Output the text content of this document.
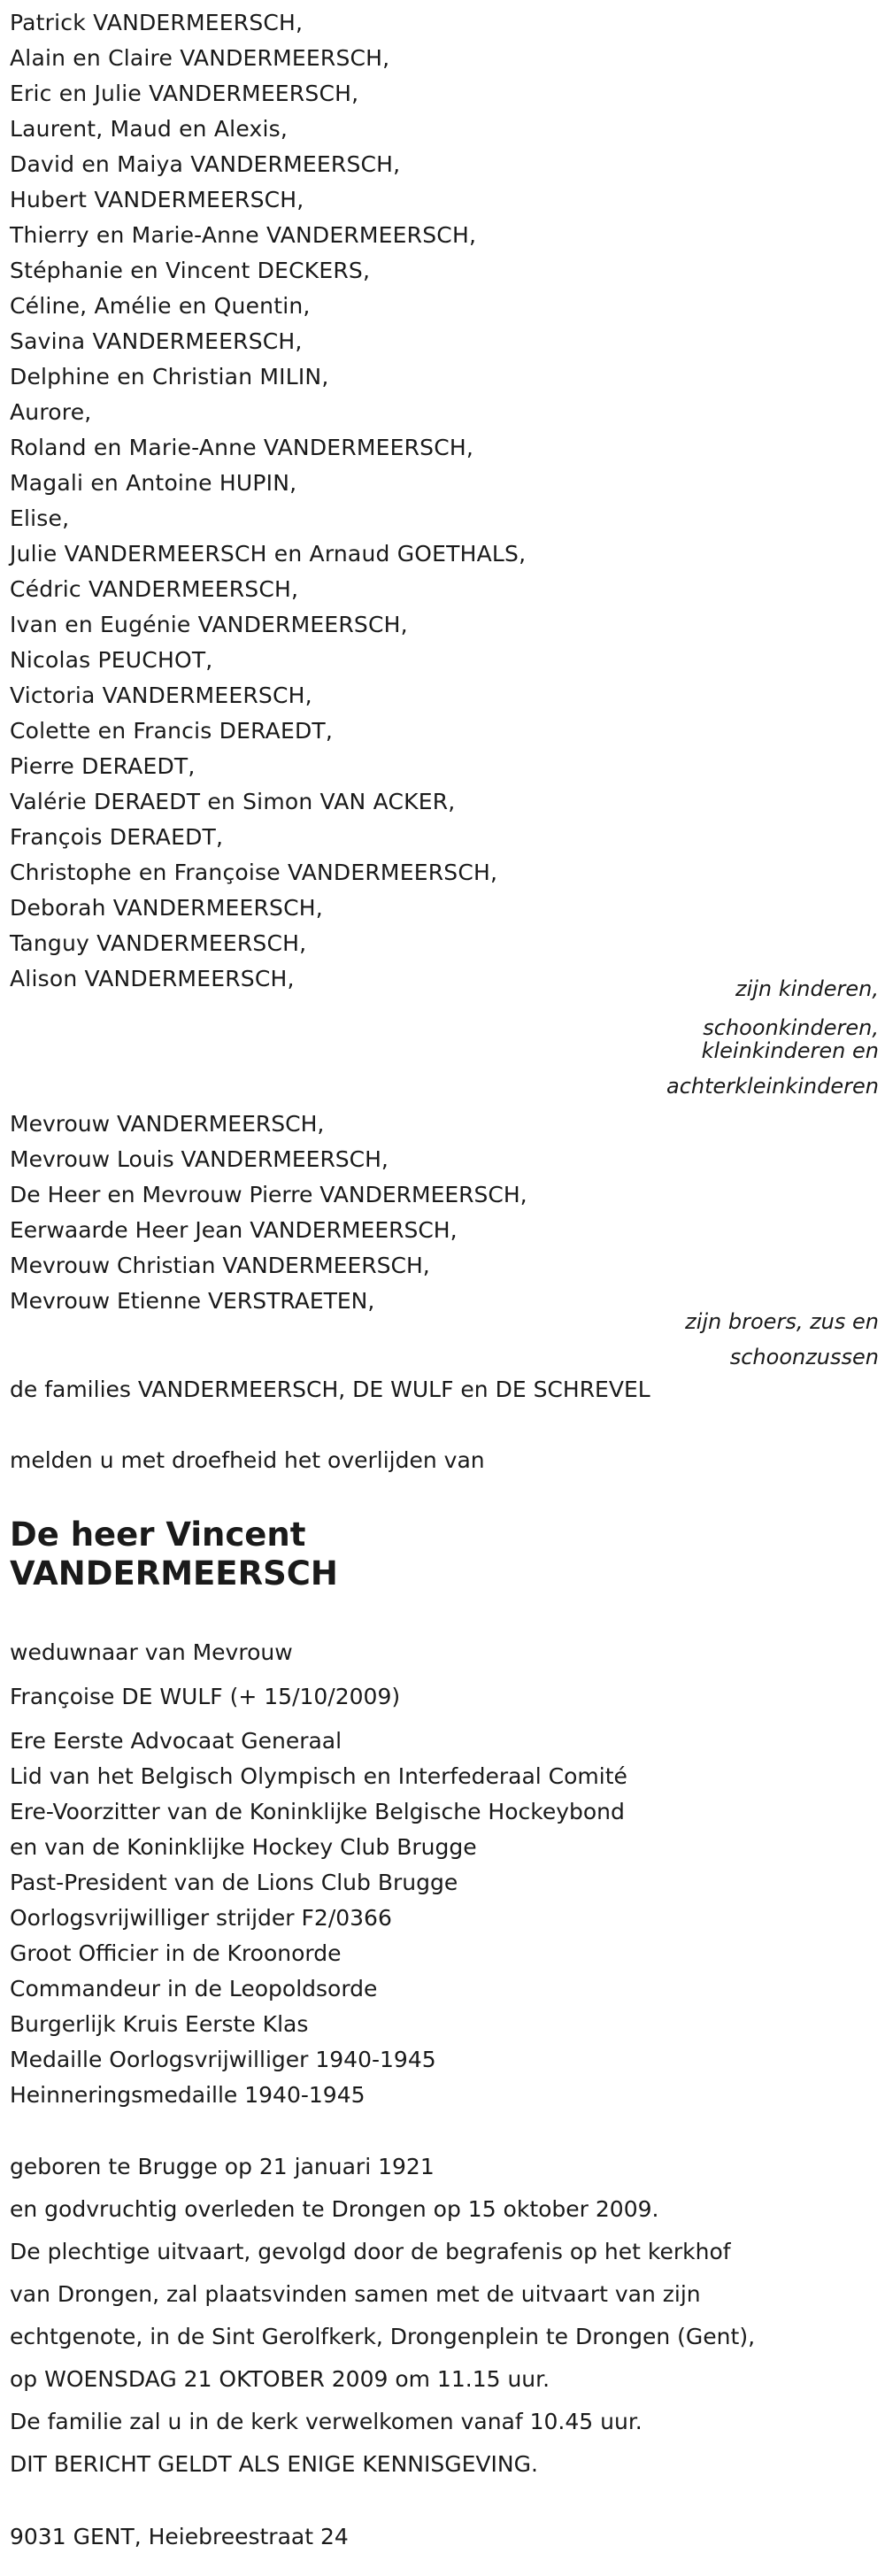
Patrick VANDERMEERSCH,
Alain en Claire VANDERMEERSCH,
Eric en Julie VANDERMEERSCH,
Laurent, Maud en Alexis,
David en Maiya VANDERMEERSCH,
Hubert VANDERMEERSCH,
Thierry en Marie-Anne VANDERMEERSCH,
Stéphanie en Vincent DECKERS,
Céline, Amélie en Quentin,
Savina VANDERMEERSCH,
Delphine en Christian MILIN,
Aurore,
Roland en Marie-Anne VANDERMEERSCH,
Magali en Antoine HUPIN,
Elise,
Julie VANDERMEERSCH en Arnaud GOETHALS,
Cédric VANDERMEERSCH,
Ivan en Eugénie VANDERMEERSCH,
Nicolas PEUCHOT,
Victoria VANDERMEERSCH,
Colette en Francis DERAEDT,
Pierre DERAEDT,
Valérie DERAEDT en Simon VAN ACKER,
François DERAEDT,
Christophe en Françoise VANDERMEERSCH,
Deborah VANDERMEERSCH,
Tanguy VANDERMEERSCH,
Alison VANDERMEERSCH,	zijn kinderen,
schoonkinderen,
kleinkinderen en
achterkleinkinderen
Mevrouw VANDERMEERSCH,
Mevrouw Louis VANDERMEERSCH,
De Heer en Mevrouw Pierre VANDERMEERSCH,
Eerwaarde Heer Jean VANDERMEERSCH,
Mevrouw Christian VANDERMEERSCH,
Mevrouw Etienne VERSTRAETEN,
zijn broers, zus en
schoonzussen
de families VANDERMEERSCH, DE WULF en DE SCHREVEL
melden u met droefheid het overlijden van
De heer Vincent
VANDERMEERSCH
weduwnaar van Mevrouw
Françoise DE WULF (+ 15/10/2009)
Ere Eerste Advocaat Generaal
Lid van het Belgisch Olympisch en Interfederaal Comité
Ere-Voorzitter van de Koninklijke Belgische Hockeybond
en van de Koninklijke Hockey Club Brugge
Past-President van de Lions Club Brugge
Oorlogsvrijwilliger strijder F2/0366
Groot Officier in de Kroonorde
Commandeur in de Leopoldsorde
Burgerlijk Kruis Eerste Klas
Medaille Oorlogsvrijwilliger 1940-1945
Heinneringsmedaille 1940-1945
geboren te Brugge op 21 januari 1921
en godvruchtig overleden te Drongen op 15 oktober 2009.
De plechtige uitvaart, gevolgd door de begrafenis op het kerkhof
van Drongen, zal plaatsvinden samen met de uitvaart van zijn
echtgenote, in de Sint Gerolfkerk, Drongenplein te Drongen (Gent),
op WOENSDAG 21 OKTOBER 2009 om 11.15 uur.
De familie zal u in de kerk verwelkomen vanaf 10.45 uur.
DIT BERICHT GELDT ALS ENIGE KENNISGEVING.
9031 GENT, Heiebreestraat 24
